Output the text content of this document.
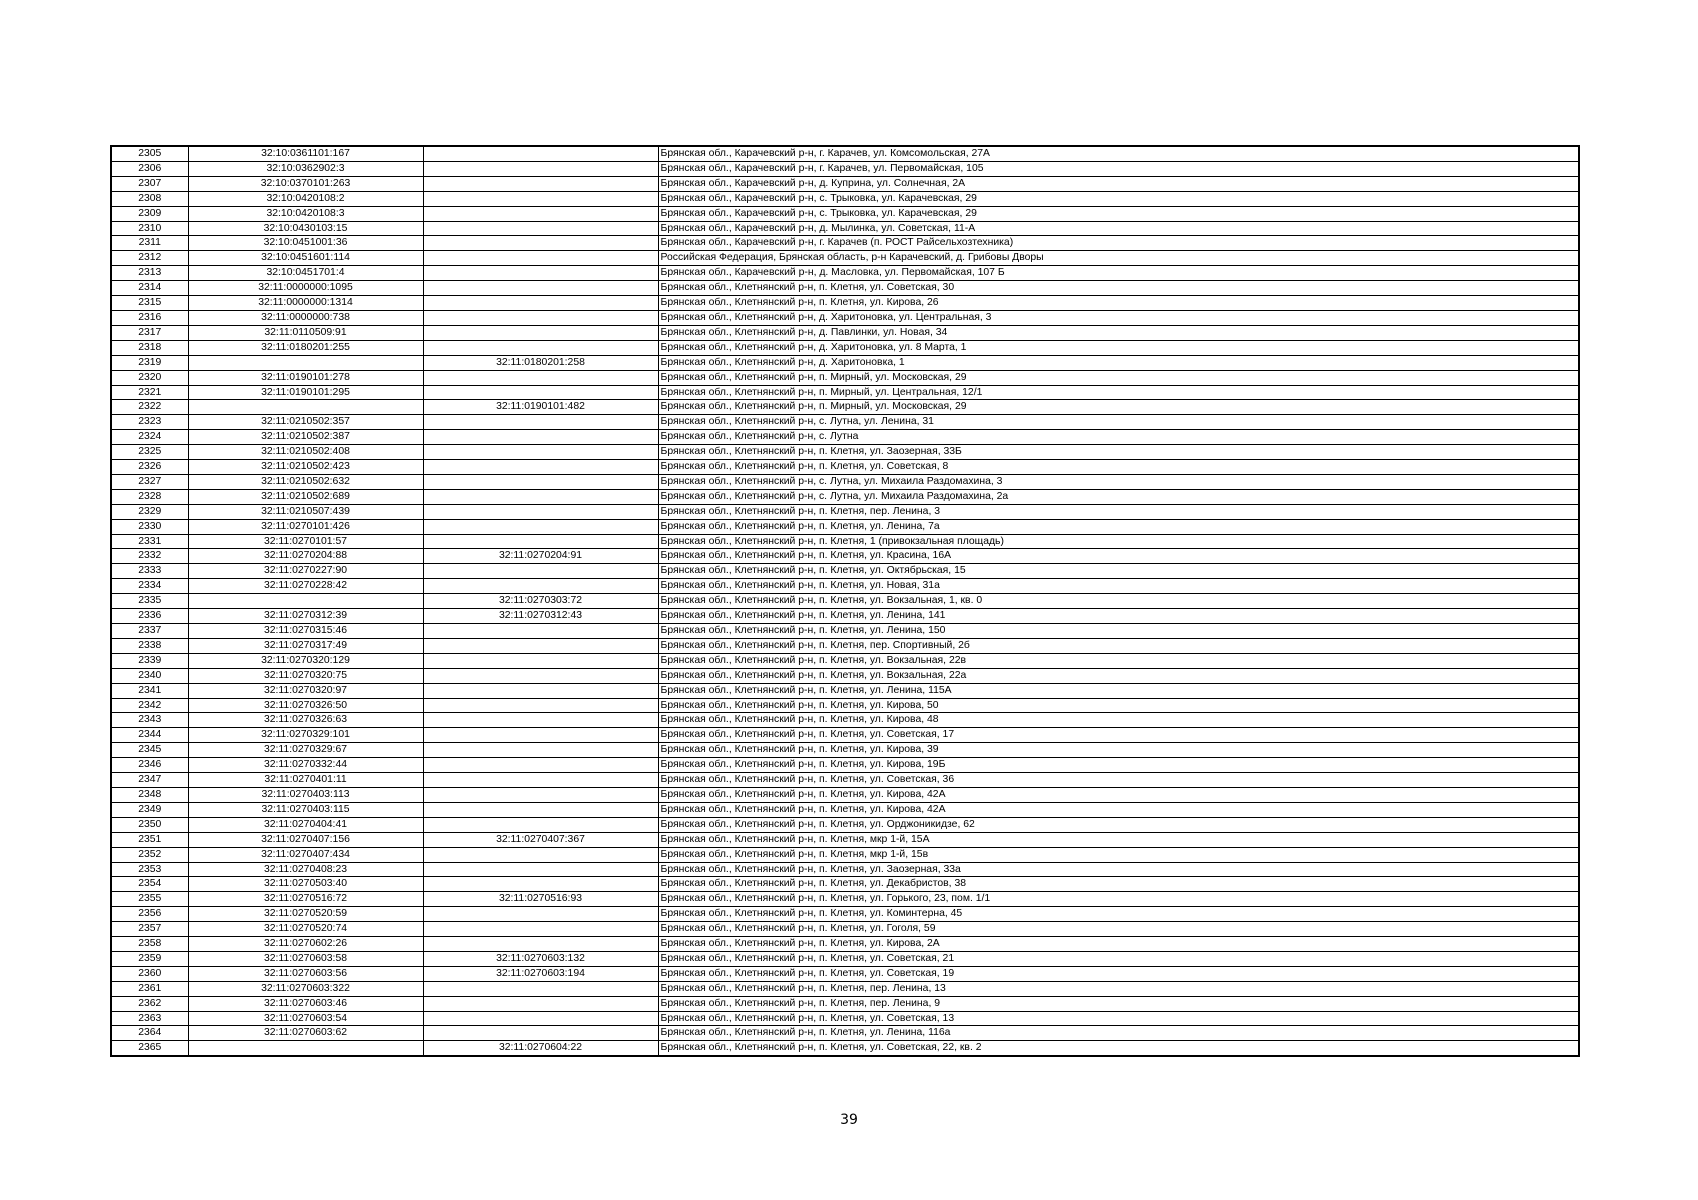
2305	32:10:0361101:167		Брянская обл., Карачевский р-н, г. Карачев, ул. Комсомольская, 27А
2306	32:10:0362902:3		Брянская обл., Карачевский р-н, г. Карачев, ул. Первомайская, 105
2307	32:10:0370101:263		Брянская обл., Карачевский р-н, д. Куприна, ул. Солнечная, 2А
2308	32:10:0420108:2		Брянская обл., Карачевский р-н, с. Трыковка, ул. Карачевская, 29
2309	32:10:0420108:3		Брянская обл., Карачевский р-н, с. Трыковка, ул. Карачевская, 29
2310	32:10:0430103:15		Брянская обл., Карачевский р-н, д. Мылинка, ул. Советская, 11-А
2311	32:10:0451001:36		Брянская обл., Карачевский р-н, г. Карачев (п. РОСТ Райсельхозтехника)
2312	32:10:0451601:114		Российская Федерация, Брянская область, р-н Карачевский, д. Грибовы Дворы
2313	32:10:0451701:4		Брянская обл., Карачевский р-н, д. Масловка, ул. Первомайская, 107 Б
2314	32:11:0000000:1095		Брянская обл., Клетнянский р-н, п. Клетня, ул. Советская, 30
2315	32:11:0000000:1314		Брянская обл., Клетнянский р-н, п. Клетня, ул. Кирова, 26
2316	32:11:0000000:738		Брянская обл., Клетнянский р-н, д. Харитоновка, ул. Центральная, 3
2317	32:11:0110509:91		Брянская обл., Клетнянский р-н, д. Павлинки, ул. Новая, 34
2318	32:11:0180201:255		Брянская обл., Клетнянский р-н, д. Харитоновка, ул. 8 Марта, 1
2319		32:11:0180201:258	Брянская обл., Клетнянский р-н, д. Харитоновка, 1
2320	32:11:0190101:278		Брянская обл., Клетнянский р-н, п. Мирный, ул. Московская, 29
2321	32:11:0190101:295		Брянская обл., Клетнянский р-н, п. Мирный, ул. Центральная, 12/1
2322		32:11:0190101:482	Брянская обл., Клетнянский р-н, п. Мирный, ул. Московская, 29
2323	32:11:0210502:357		Брянская обл., Клетнянский р-н, с. Лутна, ул. Ленина, 31
2324	32:11:0210502:387		Брянская обл., Клетнянский р-н, с. Лутна
2325	32:11:0210502:408		Брянская обл., Клетнянский р-н, п. Клетня, ул. Заозерная, 33Б
2326	32:11:0210502:423		Брянская обл., Клетнянский р-н, п. Клетня, ул. Советская, 8
2327	32:11:0210502:632		Брянская обл., Клетнянский р-н, с. Лутна, ул. Михаила Раздомахина, 3
2328	32:11:0210502:689		Брянская обл., Клетнянский р-н, с. Лутна, ул. Михаила Раздомахина, 2а
2329	32:11:0210507:439		Брянская обл., Клетнянский р-н, п. Клетня, пер. Ленина, 3
2330	32:11:0270101:426		Брянская обл., Клетнянский р-н, п. Клетня, ул. Ленина, 7а
2331	32:11:0270101:57		Брянская обл., Клетнянский р-н, п. Клетня, 1 (привокзальная площадь)
2332	32:11:0270204:88	32:11:0270204:91	Брянская обл., Клетнянский р-н, п. Клетня, ул. Красина, 16А
2333	32:11:0270227:90		Брянская обл., Клетнянский р-н, п. Клетня, ул. Октябрьская, 15
2334	32:11:0270228:42		Брянская обл., Клетнянский р-н, п. Клетня, ул. Новая, 31а
2335		32:11:0270303:72	Брянская обл., Клетнянский р-н, п. Клетня, ул. Вокзальная, 1, кв. 0
2336	32:11:0270312:39	32:11:0270312:43	Брянская обл., Клетнянский р-н, п. Клетня, ул. Ленина, 141
2337	32:11:0270315:46		Брянская обл., Клетнянский р-н, п. Клетня, ул. Ленина, 150
2338	32:11:0270317:49		Брянская обл., Клетнянский р-н, п. Клетня, пер. Спортивный, 2б
2339	32:11:0270320:129		Брянская обл., Клетнянский р-н, п. Клетня, ул. Вокзальная, 22в
2340	32:11:0270320:75		Брянская обл., Клетнянский р-н, п. Клетня, ул. Вокзальная, 22а
2341	32:11:0270320:97		Брянская обл., Клетнянский р-н, п. Клетня, ул. Ленина, 115А
2342	32:11:0270326:50		Брянская обл., Клетнянский р-н, п. Клетня, ул. Кирова, 50
2343	32:11:0270326:63		Брянская обл., Клетнянский р-н, п. Клетня, ул. Кирова, 48
2344	32:11:0270329:101		Брянская обл., Клетнянский р-н, п. Клетня, ул. Советская, 17
2345	32:11:0270329:67		Брянская обл., Клетнянский р-н, п. Клетня, ул. Кирова, 39
2346	32:11:0270332:44		Брянская обл., Клетнянский р-н, п. Клетня, ул. Кирова, 19Б
2347	32:11:0270401:11		Брянская обл., Клетнянский р-н, п. Клетня, ул. Советская, 36
2348	32:11:0270403:113		Брянская обл., Клетнянский р-н, п. Клетня, ул. Кирова, 42А
2349	32:11:0270403:115		Брянская обл., Клетнянский р-н, п. Клетня, ул. Кирова, 42А
2350	32:11:0270404:41		Брянская обл., Клетнянский р-н, п. Клетня, ул. Орджоникидзе, 62
2351	32:11:0270407:156	32:11:0270407:367	Брянская обл., Клетнянский р-н, п. Клетня, мкр 1-й, 15А
2352	32:11:0270407:434		Брянская обл., Клетнянский р-н, п. Клетня, мкр 1-й, 15в
2353	32:11:0270408:23		Брянская обл., Клетнянский р-н, п. Клетня, ул. Заозерная, 33а
2354	32:11:0270503:40		Брянская обл., Клетнянский р-н, п. Клетня, ул. Декабристов, 38
2355	32:11:0270516:72	32:11:0270516:93	Брянская обл., Клетнянский р-н, п. Клетня, ул. Горького, 23, пом. 1/1
2356	32:11:0270520:59		Брянская обл., Клетнянский р-н, п. Клетня, ул. Коминтерна, 45
2357	32:11:0270520:74		Брянская обл., Клетнянский р-н, п. Клетня, ул. Гоголя, 59
2358	32:11:0270602:26		Брянская обл., Клетнянский р-н, п. Клетня, ул. Кирова, 2А
2359	32:11:0270603:58	32:11:0270603:132	Брянская обл., Клетнянский р-н, п. Клетня, ул. Советская, 21
2360	32:11:0270603:56	32:11:0270603:194	Брянская обл., Клетнянский р-н, п. Клетня, ул. Советская, 19
2361	32:11:0270603:322		Брянская обл., Клетнянский р-н, п. Клетня, пер. Ленина, 13
2362	32:11:0270603:46		Брянская обл., Клетнянский р-н, п. Клетня, пер. Ленина, 9
2363	32:11:0270603:54		Брянская обл., Клетнянский р-н, п. Клетня, ул. Советская, 13
2364	32:11:0270603:62		Брянская обл., Клетнянский р-н, п. Клетня, ул. Ленина, 116а
2365		32:11:0270604:22	Брянская обл., Клетнянский р-н, п. Клетня, ул. Советская, 22, кв. 2
39
